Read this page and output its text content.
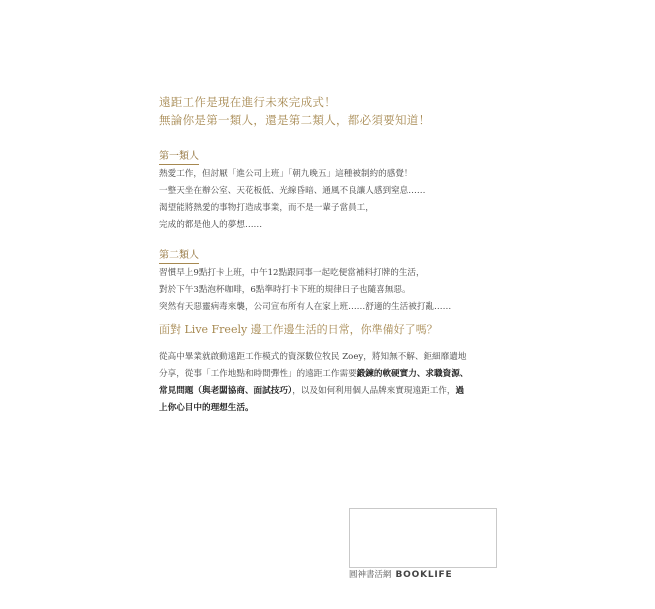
遠距工作是現在進行未來完成式！
無論你是第一類人，還是第二類人，都必須要知道！
第一類人
熱愛工作，但討厭「進公司上班」「朝九晚五」這種被制約的感覺！
一整天坐在辦公室、天花板低、光線昏暗、通風不良讓人感到窒息……
渴望能將熱愛的事物打造成事業，而不是一輩子當員工，
完成的都是他人的夢想……
第二類人
習慣早上9點打卡上班，中午12點跟同事一起吃便當補料打牌的生活，
對於下午3點泡杯咖啡，6點準時打卡下班的規律日子也隨喜無惡。
突然有天惡靈病毒來襲，公司宣布所有人在家上班……舒適的生活被打亂……
面對 Live Freely 邊工作邊生活的日常，你準備好了嗎？
從高中畢業就啟動遠距工作模式的資深數位牧民 Zoey，將知無不解、鉅細靡遺地
分享，從事「工作地點和時間彈性」的遠距工作需要鍛鍊的軟硬實力、求職資源、
常見問題（與老闆協商、面試技巧），以及如何利用個人品牌來實現遠距工作，過
上你心目中的理想生活。
圓神書活網 BOOKLIFE
